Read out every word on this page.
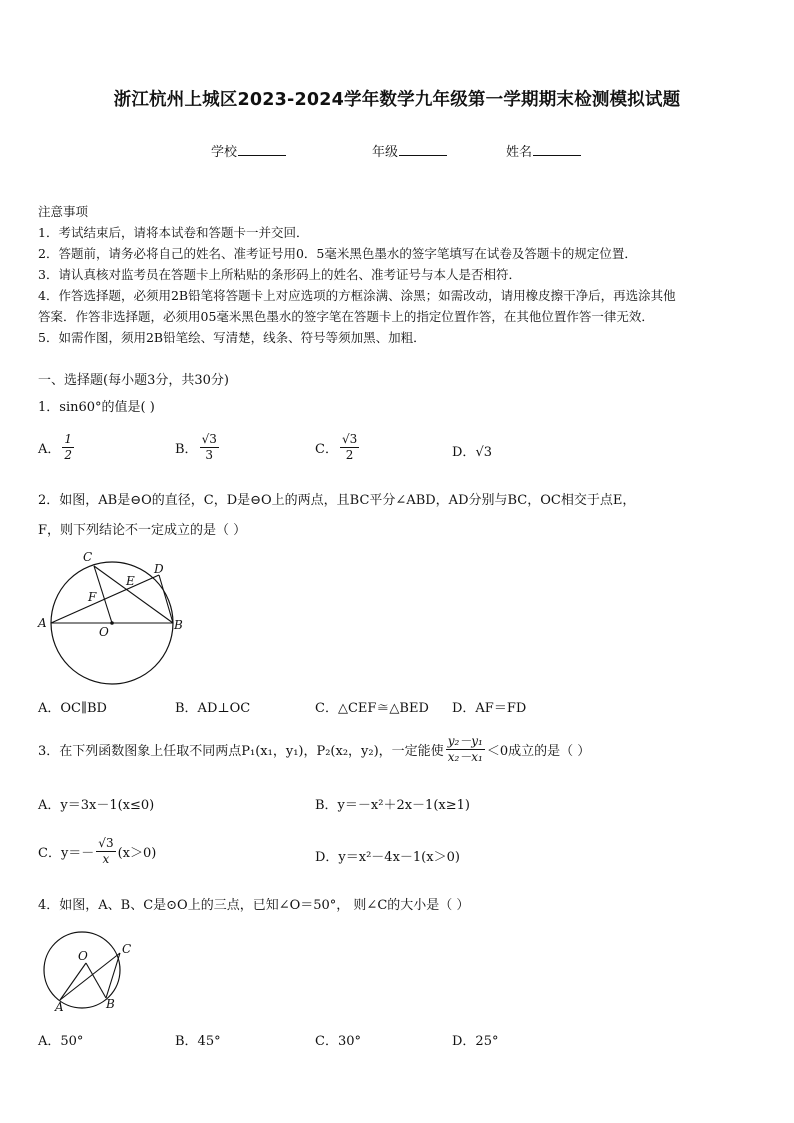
浙江杭州上城区2023-2024学年数学九年级第一学期期末检测模拟试题
学校	年级	姓名
注意事项
1．考试结束后，请将本试卷和答题卡一并交回．
2．答题前，请务必将自己的姓名、准考证号用0．5毫米黑色墨水的签字笔填写在试卷及答题卡的规定位置．
3．请认真核对监考员在答题卡上所粘贴的条形码上的姓名、准考证号与本人是否相符．
4．作答选择题，必须用2B铅笔将答题卡上对应选项的方框涂满、涂黑；如需改动，请用橡皮擦干净后，再选涂其他
答案．作答非选择题，必须用05毫米黑色墨水的签字笔在答题卡上的指定位置作答，在其他位置作答一律无效．
5．如需作图，须用2B铅笔绘、写清楚，线条、符号等须加黑、加粗．
一、选择题(每小题3分，共30分)
1．sin60°的值是( )
A． $\frac{1}{2}$	B． $\frac{√3}{3}$	C． $\frac{√3}{2}$	D．√3
2．如图，AB是⊖O的直径，C，D是⊖O上的两点，且BC平分∠ABD，AD分别与BC，OC相交于点E，
F，则下列结论不一定成立的是（ ）
C
D
E
F
A	B
O
A．OC∥BD	B．AD⊥OC	C．△CEF≅△BED D．AF＝FD
3．在下列函数图象上任取不同两点P₁(x₁，y₁)，P₂(x₂，y₂)，一定能使 $\frac{\text{y₂－y₁}}{\text{x₂－x₁}} <0$成立的是（ ）
A．y＝3x－1(x≤0)	B．y＝－x²＋2x－1(x≥1)
C．$y=- \frac{√3}{x} (x>0)$	D．y＝x²－4x－1(x＞0)
4．如图，A、B、C是⊙O上的三点，已知∠O＝50°， 则∠C的大小是（ ）
O	C
A	B
A．50°	B．45°	C．30°	D．25°
